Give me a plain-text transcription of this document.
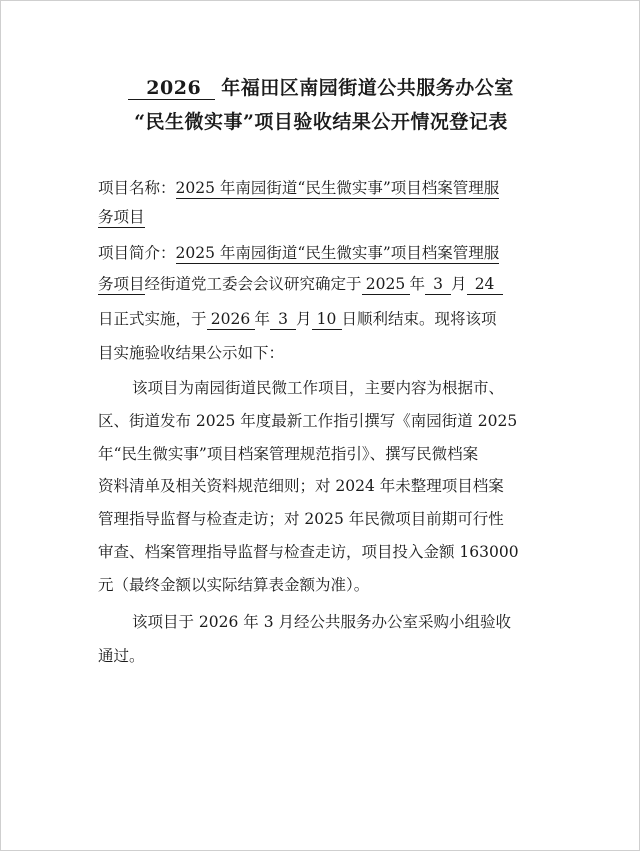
2026 年福田区南园街道公共服务办公室
“民生微实事”项目验收结果公开情况登记表
项目名称：2025 年南园街道“民生微实事”项目档案管理服
务项目
项目简介：2025 年南园街道“民生微实事”项目档案管理服
务项目经街道党工委会会议研究确定于 2025 年 3 月 24
日正式实施，于 2026 年 3 月 10 日顺利结束。现将该项
目实施验收结果公示如下：
该项目为南园街道民微工作项目，主要内容为根据市、
区、街道发布 2025 年度最新工作指引撰写《南园街道 2025
年“民生微实事”项目档案管理规范指引》、撰写民微档案
资料清单及相关资料规范细则；对 2024 年未整理项目档案
管理指导监督与检查走访；对 2025 年民微项目前期可行性
审查、档案管理指导监督与检查走访，项目投入金额 163000
元（最终金额以实际结算表金额为准）。
该项目于 2026 年 3 月经公共服务办公室采购小组验收
通过。
